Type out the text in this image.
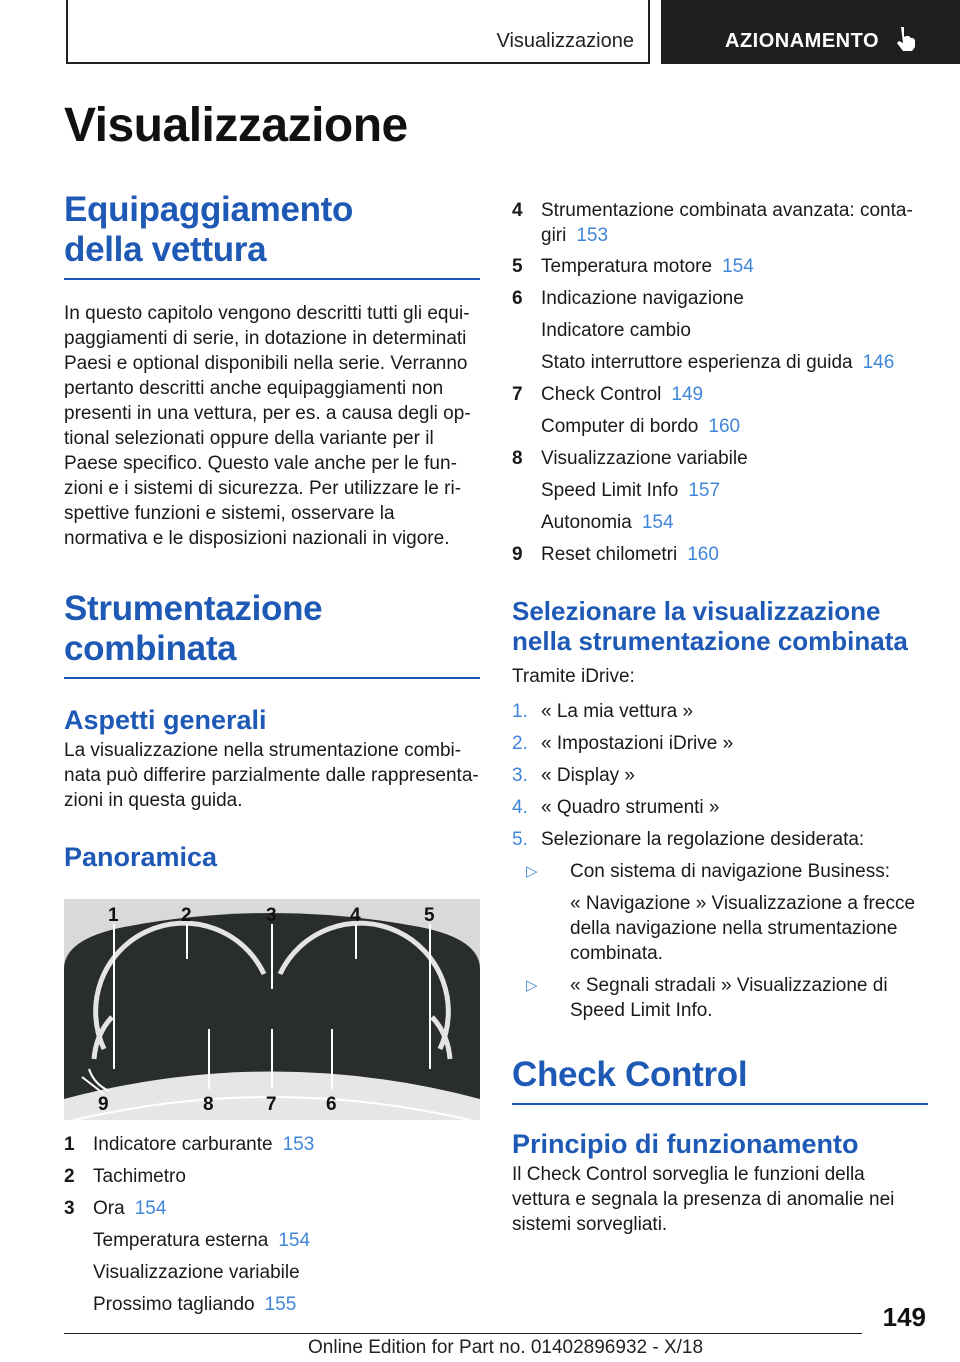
Visualizzazione	AZIONAMENTO
Visualizzazione
Equipaggiamento della vettura

In questo capitolo vengono descritti tutti gli equipaggiamenti di serie, in dotazione in determinati Paesi e optional disponibili nella serie. Verranno pertanto descritti anche equipaggiamenti non presenti in una vettura, per es. a causa degli optional selezionati oppure della variante per il Paese specifico. Questo vale anche per le funzioni e i sistemi di sicurezza. Per utilizzare le rispettive funzioni e sistemi, osservare la normativa e le disposizioni nazionali in vigore.

Strumentazione combinata
Aspetti generali

La visualizzazione nella strumentazione combinata può differire parzialmente dalle rappresentazioni in questa guida.

Panoramica
1	2	3	4	5
9	8	7	6
1 Indicatore carburante 153
2 Tachimetro
3 Ora 154
Temperatura esterna 154
Visualizzazione variabile
Prossimo tagliando 155
4 Strumentazione combinata avanzata: contagiri 153
5 Temperatura motore 154
6 Indicazione navigazione
Indicatore cambio
Stato interruttore esperienza di guida 146
7 Check Control 149
Computer di bordo 160
8 Visualizzazione variabile
Speed Limit Info 157
Autonomia 154
9 Reset chilometri 160
Selezionare la visualizzazione nella strumentazione combinata

Tramite iDrive:

1. « La mia vettura »
2. « Impostazioni iDrive »
3. « Display »
4. « Quadro strumenti »
5. Selezionare la regolazione desiderata:
▷ Con sistema di navigazione Business:
« Navigazione » Visualizzazione a frecce della navigazione nella strumentazione combinata.
▷ « Segnali stradali » Visualizzazione di Speed Limit Info.
Check Control
Principio di funzionamento

Il Check Control sorveglia le funzioni della vettura e segnala la presenza di anomalie nei sistemi sorvegliati.

149
Online Edition for Part no. 01402896932 - X/18
